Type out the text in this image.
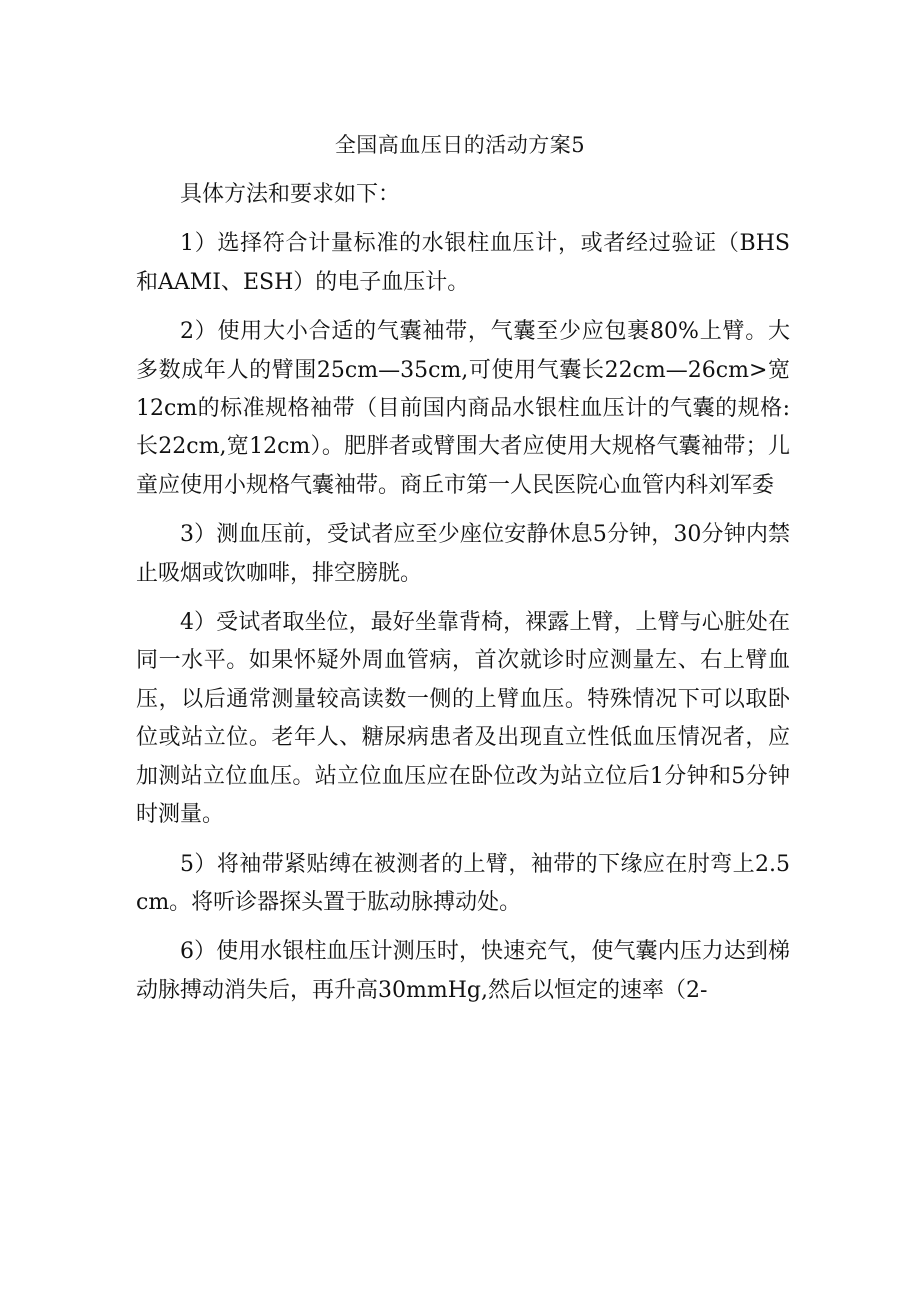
全国高血压日的活动方案5

具体方法和要求如下：

1）选择符合计量标准的水银柱血压计，或者经过验证（BHS和AAMI、ESH）的电子血压计。

2）使用大小合适的气囊袖带，气囊至少应包裹80%上臂。大多数成年人的臂围25cm—35cm,可使用气囊长22cm—26cm>宽12cm的标准规格袖带（目前国内商品水银柱血压计的气囊的规格:长22cm,宽12cm）。肥胖者或臂围大者应使用大规格气囊袖带；儿童应使用小规格气囊袖带。商丘市第一人民医院心血管内科刘军委

3）测血压前，受试者应至少座位安静休息5分钟，30分钟内禁止吸烟或饮咖啡，排空膀胱。

4）受试者取坐位，最好坐靠背椅，裸露上臂，上臂与心脏处在同一水平。如果怀疑外周血管病，首次就诊时应测量左、右上臂血压，以后通常测量较高读数一侧的上臂血压。特殊情况下可以取卧位或站立位。老年人、糖尿病患者及出现直立性低血压情况者，应加测站立位血压。站立位血压应在卧位改为站立位后1分钟和5分钟时测量。

5）将袖带紧贴缚在被测者的上臂，袖带的下缘应在肘弯上2.5cm。将听诊器探头置于肱动脉搏动处。

6）使用水银柱血压计测压时，快速充气，使气囊内压力达到梯动脉搏动消失后，再升高30mmHg,然后以恒定的速率（2-
